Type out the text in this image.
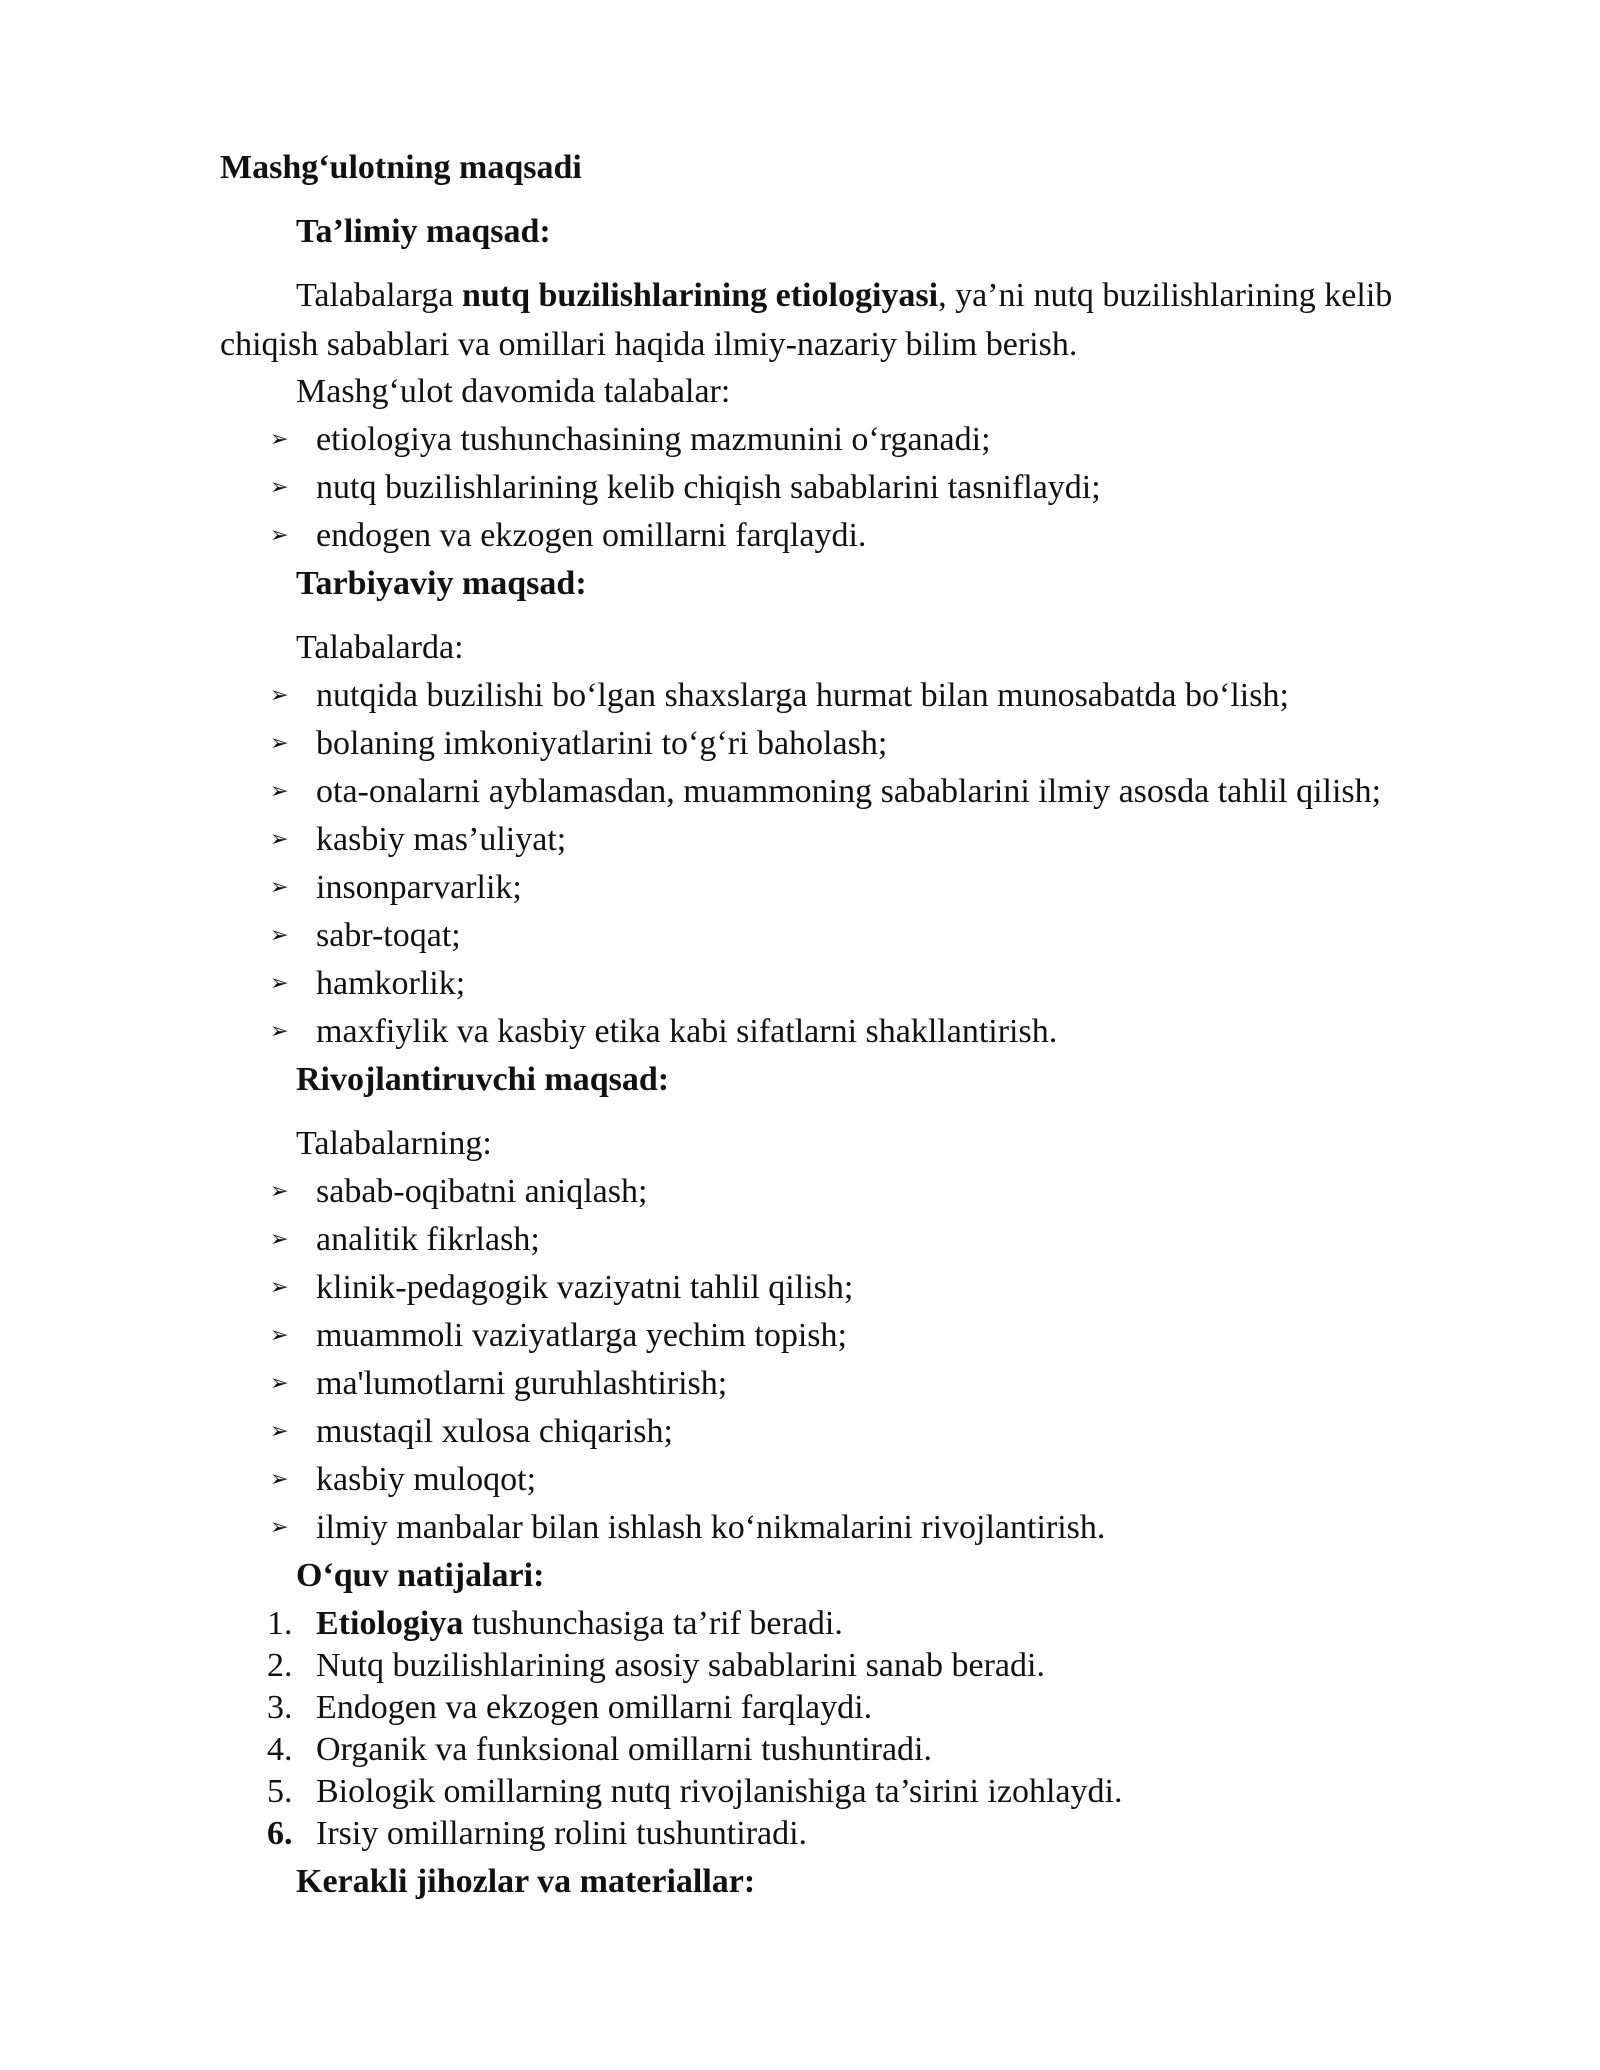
Mashg‘ulotning maqsadi
Ta’limiy maqsad:
Talabalarga nutq buzilishlarining etiologiyasi, ya’ni nutq buzilishlarining kelib
chiqish sabablari va omillari haqida ilmiy-nazariy bilim berish.
Mashg‘ulot davomida talabalar:
➢ etiologiya tushunchasining mazmunini o‘rganadi;
➢ nutq buzilishlarining kelib chiqish sabablarini tasniflaydi;
➢ endogen va ekzogen omillarni farqlaydi.
Tarbiyaviy maqsad:
Talabalarda:
➢ nutqida buzilishi bo‘lgan shaxslarga hurmat bilan munosabatda bo‘lish;
➢ bolaning imkoniyatlarini to‘g‘ri baholash;
➢ ota-onalarni ayblamasdan, muammoning sabablarini ilmiy asosda tahlil qilish;
➢ kasbiy mas’uliyat;
➢ insonparvarlik;
➢ sabr-toqat;
➢ hamkorlik;
➢ maxfiylik va kasbiy etika kabi sifatlarni shakllantirish.
Rivojlantiruvchi maqsad:
Talabalarning:
➢ sabab-oqibatni aniqlash;
➢ analitik fikrlash;
➢ klinik-pedagogik vaziyatni tahlil qilish;
➢ muammoli vaziyatlarga yechim topish;
➢ ma'lumotlarni guruhlashtirish;
➢ mustaqil xulosa chiqarish;
➢ kasbiy muloqot;
➢ ilmiy manbalar bilan ishlash ko‘nikmalarini rivojlantirish.
O‘quv natijalari:
1. Etiologiya tushunchasiga ta’rif beradi.
2. Nutq buzilishlarining asosiy sabablarini sanab beradi.
3. Endogen va ekzogen omillarni farqlaydi.
4. Organik va funksional omillarni tushuntiradi.
5. Biologik omillarning nutq rivojlanishiga ta’sirini izohlaydi.
6. Irsiy omillarning rolini tushuntiradi.
Kerakli jihozlar va materiallar:
